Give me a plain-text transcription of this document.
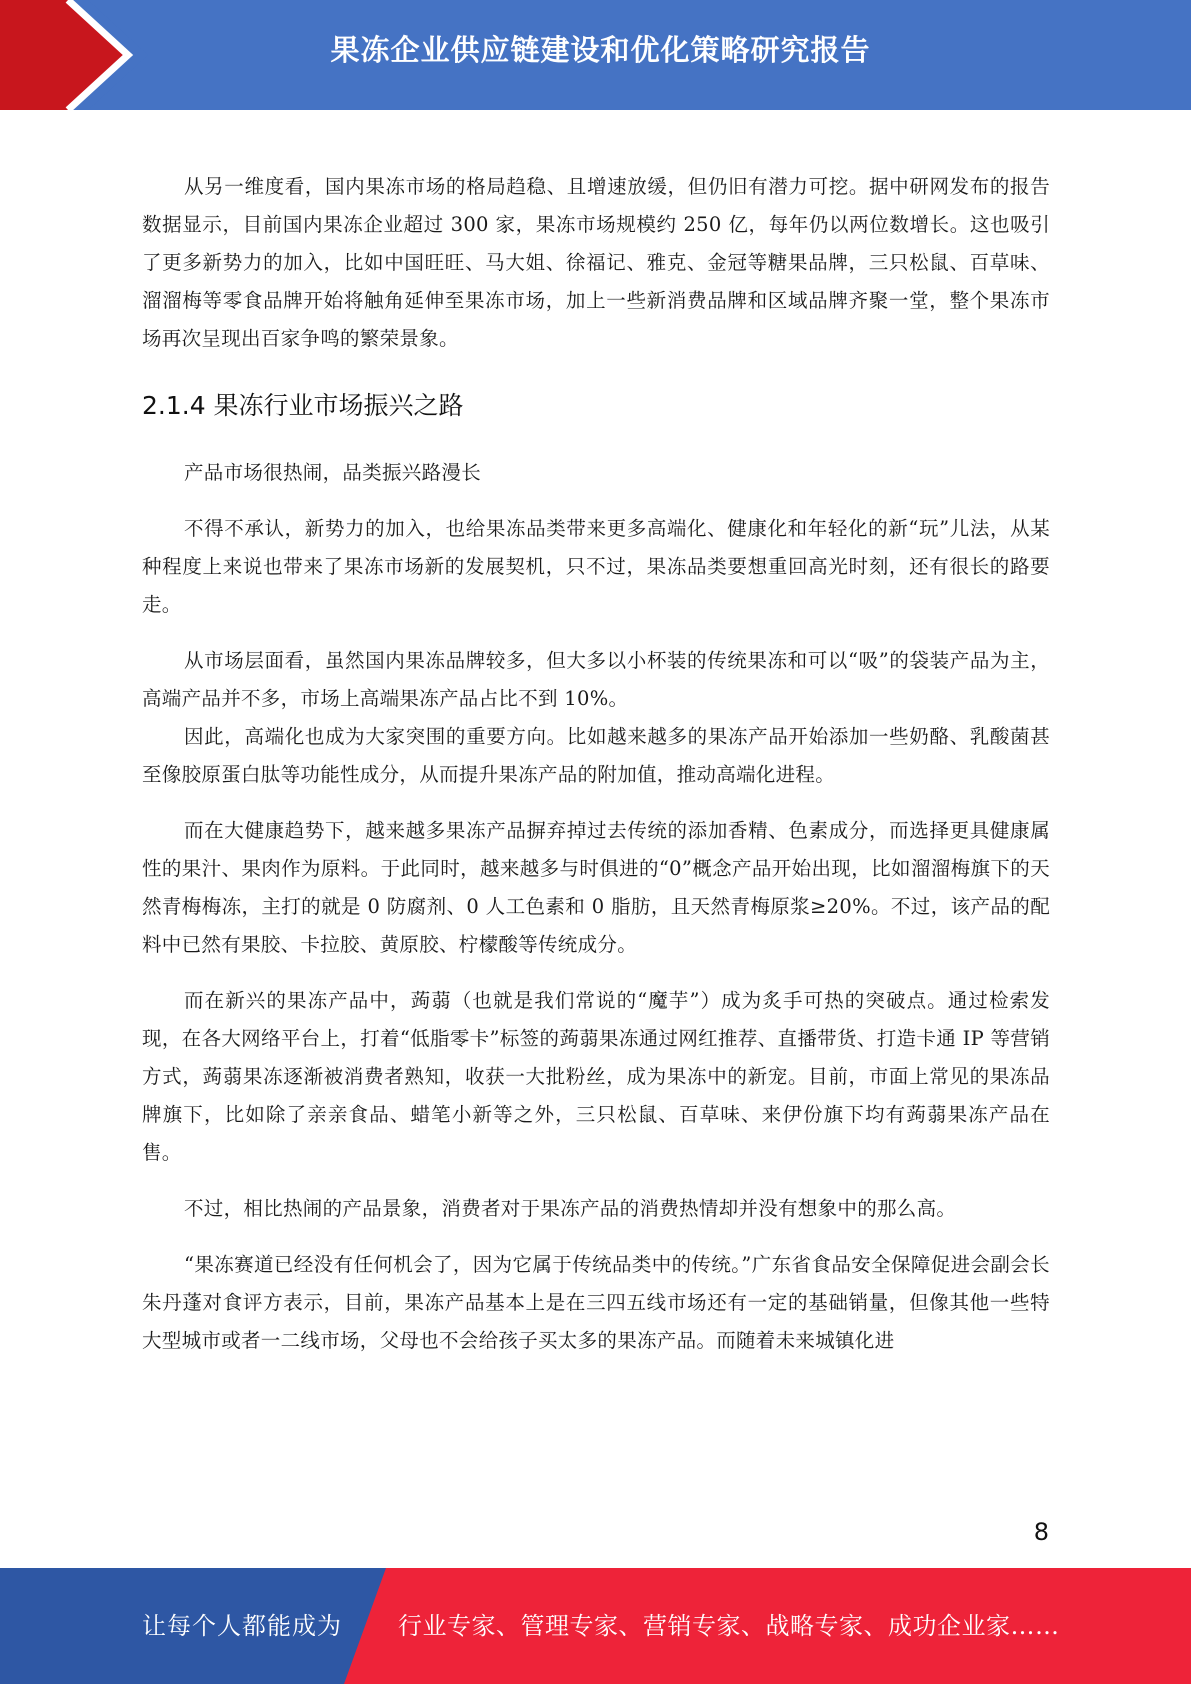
果冻企业供应链建设和优化策略研究报告

从另一维度看，国内果冻市场的格局趋稳、且增速放缓，但仍旧有潜力可挖。据中研网发布的报告数据显示，目前国内果冻企业超过 300 家，果冻市场规模约 250 亿，每年仍以两位数增长。这也吸引了更多新势力的加入，比如中国旺旺、马大姐、徐福记、雅克、金冠等糖果品牌，三只松鼠、百草味、溜溜梅等零食品牌开始将触角延伸至果冻市场，加上一些新消费品牌和区域品牌齐聚一堂，整个果冻市场再次呈现出百家争鸣的繁荣景象。

2.1.4 果冻行业市场振兴之路

产品市场很热闹，品类振兴路漫长

不得不承认，新势力的加入，也给果冻品类带来更多高端化、健康化和年轻化的新“玩”儿法，从某种程度上来说也带来了果冻市场新的发展契机，只不过，果冻品类要想重回高光时刻，还有很长的路要走。

从市场层面看，虽然国内果冻品牌较多，但大多以小杯装的传统果冻和可以“吸”的袋装产品为主，高端产品并不多，市场上高端果冻产品占比不到 10%。

因此，高端化也成为大家突围的重要方向。比如越来越多的果冻产品开始添加一些奶酪、乳酸菌甚至像胶原蛋白肽等功能性成分，从而提升果冻产品的附加值，推动高端化进程。

而在大健康趋势下，越来越多果冻产品摒弃掉过去传统的添加香精、色素成分，而选择更具健康属性的果汁、果肉作为原料。于此同时，越来越多与时俱进的“0”概念产品开始出现，比如溜溜梅旗下的天然青梅梅冻，主打的就是 0 防腐剂、0 人工色素和 0 脂肪，且天然青梅原浆≥20%。不过，该产品的配料中已然有果胶、卡拉胶、黄原胶、柠檬酸等传统成分。

而在新兴的果冻产品中，蒟蒻（也就是我们常说的“魔芋”）成为炙手可热的突破点。通过检索发现，在各大网络平台上，打着“低脂零卡”标签的蒟蒻果冻通过网红推荐、直播带货、打造卡通 IP 等营销方式，蒟蒻果冻逐渐被消费者熟知，收获一大批粉丝，成为果冻中的新宠。目前，市面上常见的果冻品牌旗下，比如除了亲亲食品、蜡笔小新等之外，三只松鼠、百草味、来伊份旗下均有蒟蒻果冻产品在售。

不过，相比热闹的产品景象，消费者对于果冻产品的消费热情却并没有想象中的那么高。

“果冻赛道已经没有任何机会了，因为它属于传统品类中的传统。”广东省食品安全保障促进会副会长朱丹蓬对食评方表示，目前，果冻产品基本上是在三四五线市场还有一定的基础销量，但像其他一些特大型城市或者一二线市场，父母也不会给孩子买太多的果冻产品。而随着未来城镇化进

8
让每个人都能成为 行业专家、管理专家、营销专家、战略专家、成功企业家……
